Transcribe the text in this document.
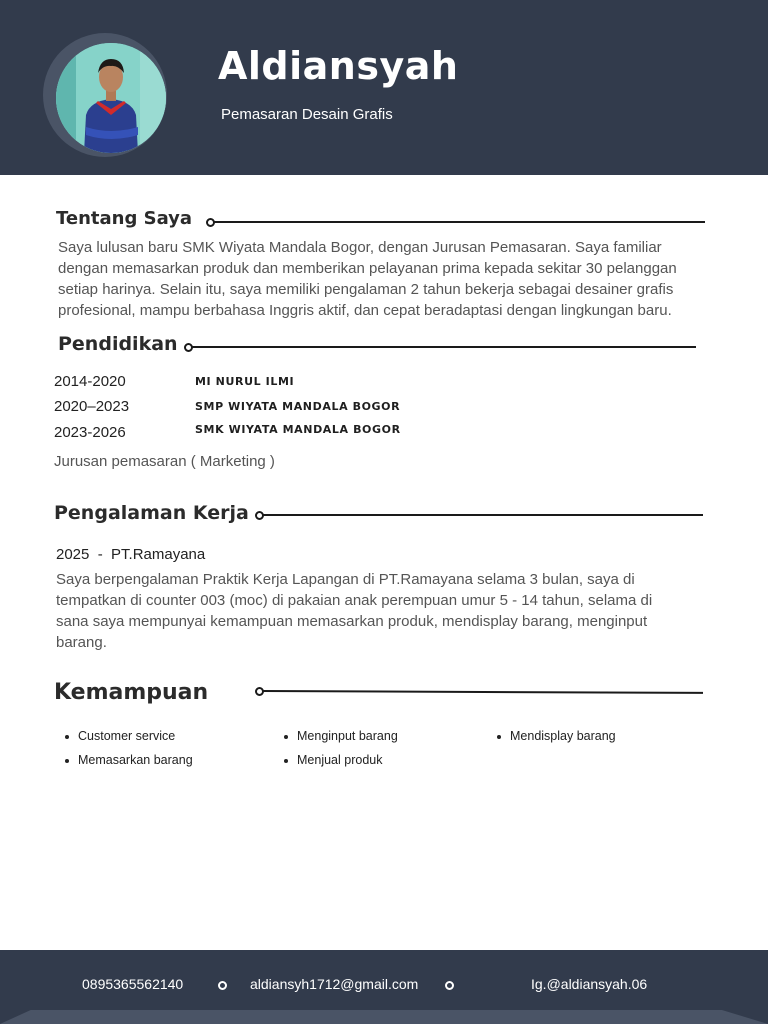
Aldiansyah
Pemasaran Desain Grafis
Tentang Saya

Saya lulusan baru SMK Wiyata Mandala Bogor, dengan Jurusan Pemasaran. Saya familiar
dengan memasarkan produk dan memberikan pelayanan prima kepada sekitar 30 pelanggan
setiap harinya. Selain itu, saya memiliki pengalaman 2 tahun bekerja sebagai desainer grafis
profesional, mampu berbahasa Inggris aktif, dan cepat beradaptasi dengan lingkungan baru.

Pendidikan
2014-2020	MI NURUL ILMI
2020–2023	SMP WIYATA MANDALA BOGOR
2023-2026	SMK WIYATA MANDALA BOGOR
Jurusan pemasaran ( Marketing )
Pengalaman Kerja
2025  -  PT.Ramayana

Saya berpengalaman Praktik Kerja Lapangan di PT.Ramayana selama 3 bulan, saya di
tempatkan di counter 003 (moc) di pakaian anak perempuan umur 5 - 14 tahun, selama di
sana saya mempunyai kemampuan memasarkan produk, mendisplay barang, menginput
barang.

Kemampuan
Customer service	Menginput barang	Mendisplay barang
Memasarkan barang	Menjual produk
0895365562140	aldiansyh1712@gmail.com	Ig.@aldiansyah.06
